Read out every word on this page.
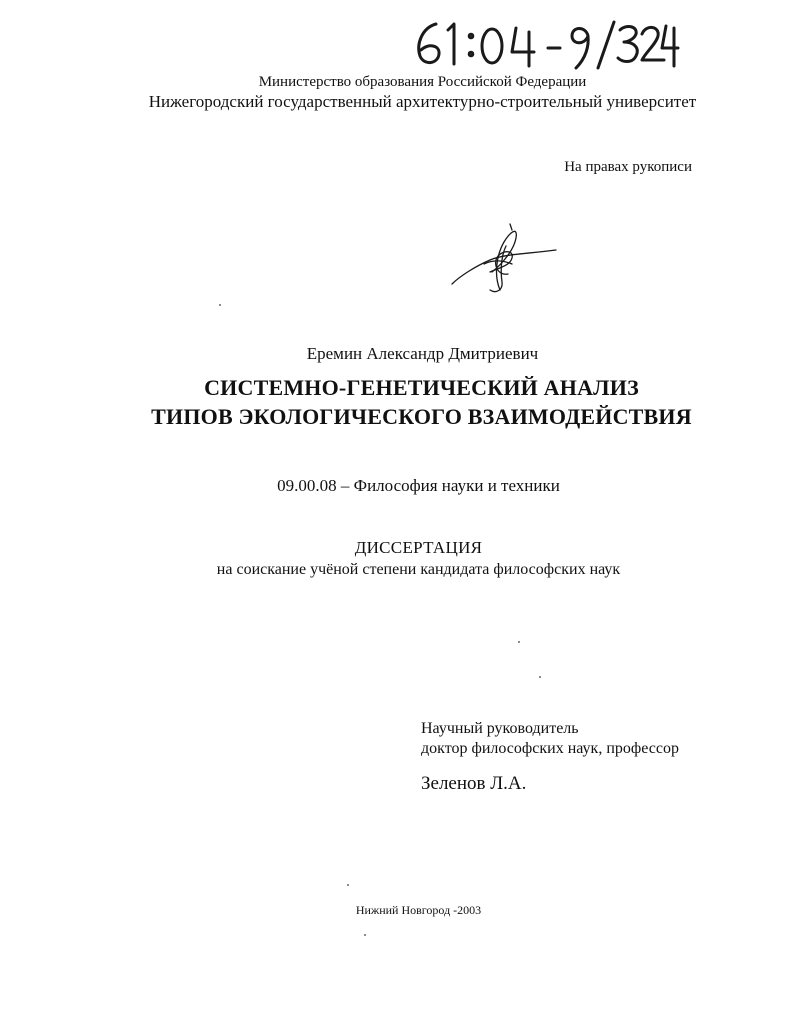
Министерство образования Российской Федерации
Нижегородский государственный архитектурно-строительный университет
На правах рукописи
Еремин Александр Дмитриевич
СИСТЕМНО-ГЕНЕТИЧЕСКИЙ АНАЛИЗ
ТИПОВ ЭКОЛОГИЧЕСКОГО ВЗАИМОДЕЙСТВИЯ
09.00.08 – Философия науки и техники
ДИССЕРТАЦИЯ
на соискание учёной степени кандидата философских наук
Научный руководитель
доктор философских наук, профессор
Зеленов Л.А.
Нижний Новгород -2003
